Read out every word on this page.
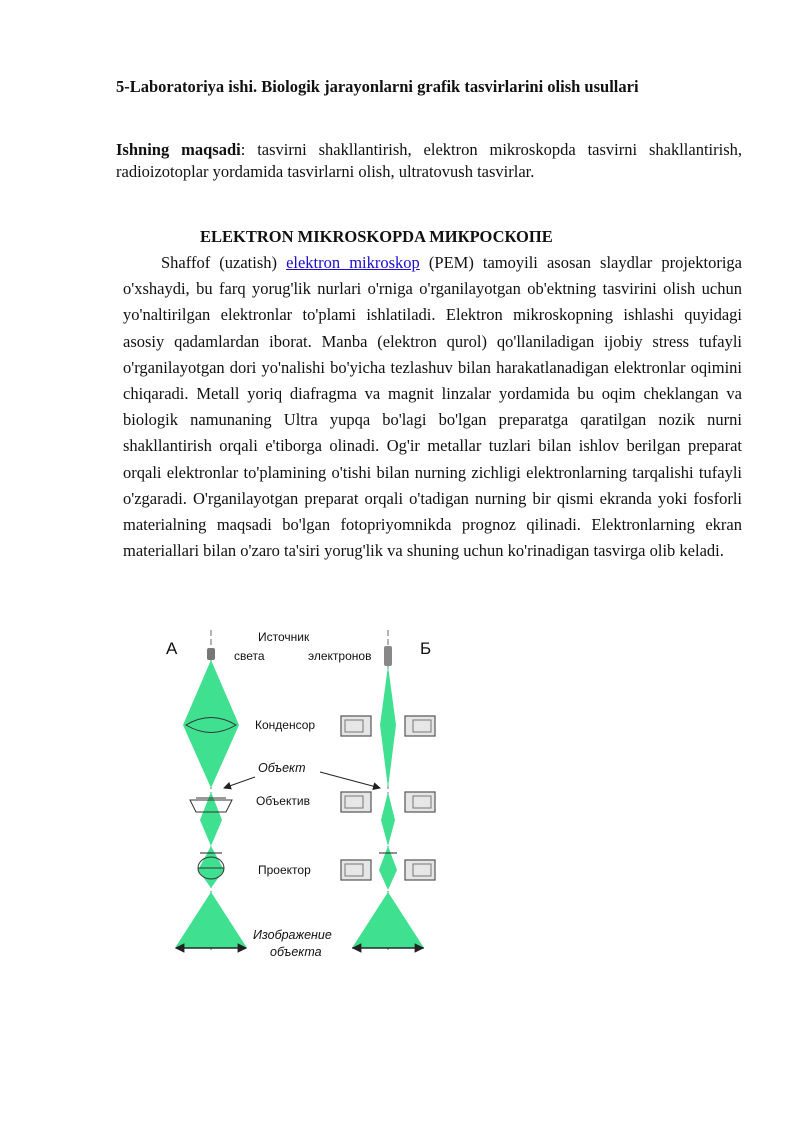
5-Laboratoriya ishi. Biologik jarayonlarni grafik tasvirlarini olish usullari
Ishning maqsadi: tasvirni shakllantirish, elektron mikroskopda tasvirni shakllantirish, radioizotoplar yordamida tasvirlarni olish, ultratovush tasvirlar.
ELEKTRON MIKROSKOPDA МИКРОСКОПЕ
Shaffof (uzatish) elektron mikroskop (PEM) tamoyili asosan slaydlar projektoriga o'xshaydi, bu farq yorug'lik nurlari o'rniga o'rganilayotgan ob'ektning tasvirini olish uchun yo'naltirilgan elektronlar to'plami ishlatiladi. Elektron mikroskopning ishlashi quyidagi asosiy qadamlardan iborat. Manba (elektron qurol) qo'llaniladigan ijobiy stress tufayli o'rganilayotgan dori yo'nalishi bo'yicha tezlashuv bilan harakatlanadigan elektronlar oqimini chiqaradi. Metall yoriq diafragma va magnit linzalar yordamida bu oqim cheklangan va biologik namunaning Ultra yupqa bo'lagi bo'lgan preparatga qaratilgan nozik nurni shakllantirish orqali e'tiborga olinadi. Og'ir metallar tuzlari bilan ishlov berilgan preparat orqali elektronlar to'plamining o'tishi bilan nurning zichligi elektronlarning tarqalishi tufayli o'zgaradi. O'rganilayotgan preparat orqali o'tadigan nurning bir qismi ekranda yoki fosforli materialning maqsadi bo'lgan fotopriyomnikda prognoz qilinadi. Elektronlarning ekran materiallari bilan o'zaro ta'siri yorug'lik va shuning uchun ko'rinadigan tasvirga olib keladi.
А	Б
Источник
света	электронов
Конденсор
Объект
Объектив
Проектор
Изображение
объекта
